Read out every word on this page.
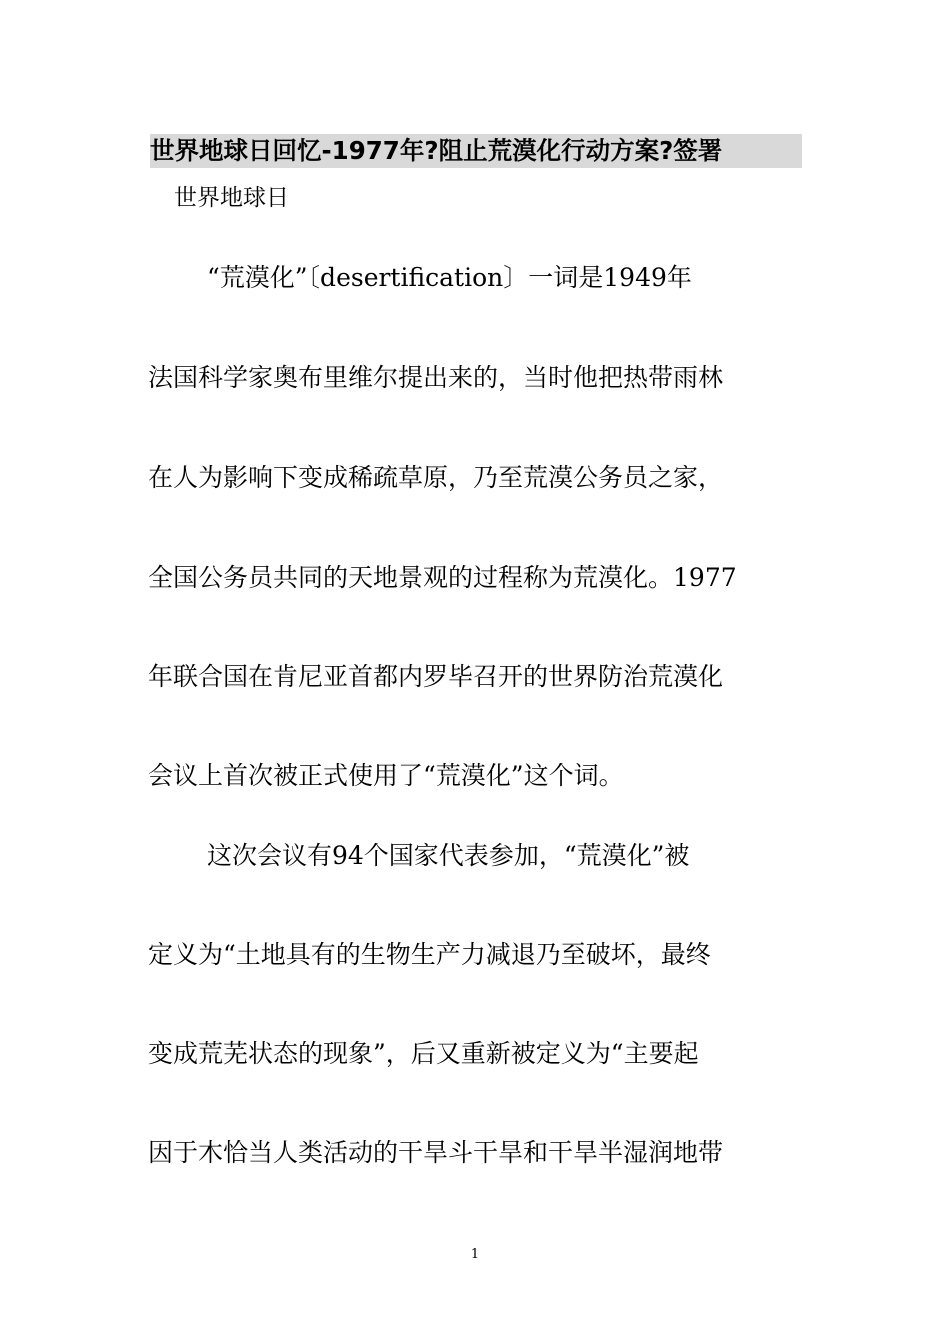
世界地球日回忆-1977年?阻止荒漠化行动方案?签署
世界地球日
“荒漠化”〔desertification〕一词是1949年
法国科学家奥布里维尔提出来的，当时他把热带雨林
在人为影响下变成稀疏草原，乃至荒漠公务员之家，
全国公务员共同的天地景观的过程称为荒漠化。1977
年联合国在肯尼亚首都内罗毕召开的世界防治荒漠化
会议上首次被正式使用了“荒漠化”这个词。
这次会议有94个国家代表参加，“荒漠化”被
定义为“土地具有的生物生产力减退乃至破坏，最终
变成荒芜状态的现象”，后又重新被定义为“主要起
因于木恰当人类活动的干旱斗干旱和干旱半湿润地带
1
